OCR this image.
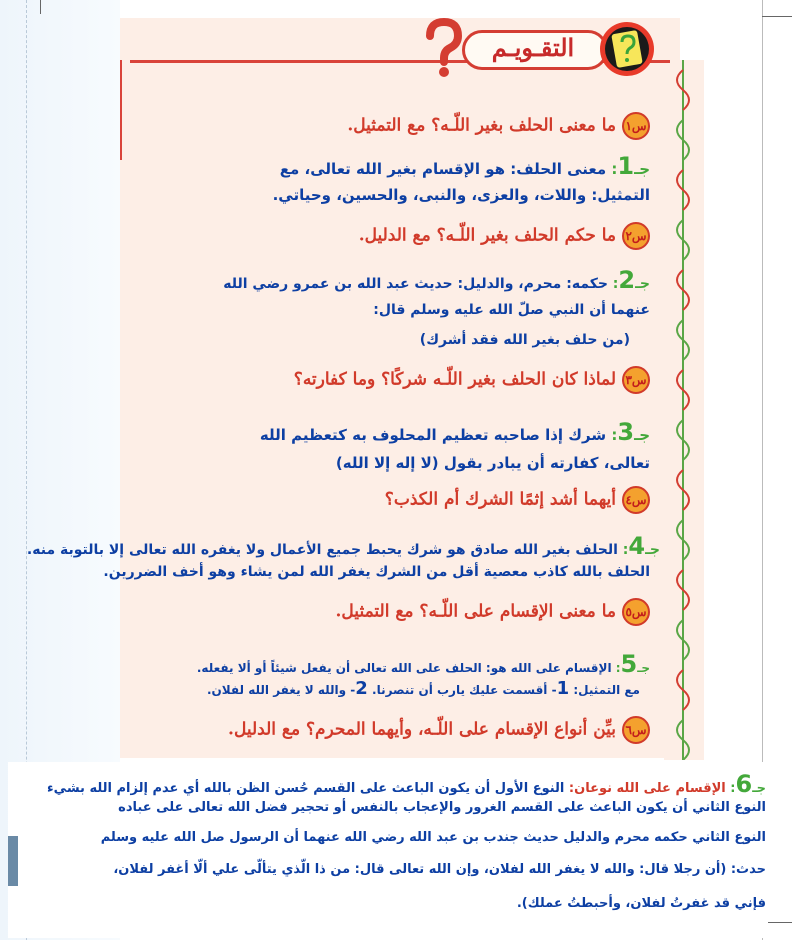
التقـويـم
س١ما معنى الحلف بغير اللّـه؟ مع التمثيل.
جـ1: معنى الحلف: هو الإقسام بغير الله تعالى، مع
التمثيل: واللات، والعزى، والنبى، والحسين، وحياتي.
س٢ما حكم الحلف بغير اللّـه؟ مع الدليل.
جـ2: حكمه: محرم، والدليل: حديث عبد الله بن عمرو رضي الله
عنهما أن النبي صلّ الله عليه وسلم قال:
(من حلف بغير الله فقد أشرك)
س٣لماذا كان الحلف بغير اللّـه شركًا؟ وما كفارته؟
جـ3: شرك إذا صاحبه تعظيم المحلوف به كتعظيم الله
تعالى، كفارته أن يبادر بقول (لا إله إلا الله)
س٤أيهما أشد إثمًا الشرك أم الكذب؟
جـ4: الحلف بغير الله صادق هو شرك يحبط جميع الأعمال ولا يغفره الله تعالى إلا بالتوبة منه.
الحلف بالله كاذب معصية أقل من الشرك يغفر الله لمن يشاء وهو أخف الضررين.
س٥ما معنى الإقسام على اللّـه؟ مع التمثيل.
جـ5: الإقسام على الله هو: الحلف على الله تعالى أن يفعل شيئاً أو ألا يفعله.
مع التمثيل: 1- أقسمت عليك يارب أن تنصرنا. 2- والله لا يغفر الله لفلان.
س٦بيِّن أنواع الإقسام على اللّـه، وأيهما المحرم؟ مع الدليل.
جـ6: الإقسام على الله نوعان: النوع الأول أن يكون الباعث على القسم حُسن الظن بالله أي عدم إلزام الله بشيء
النوع الثاني أن يكون الباعث على القسم الغرور والإعجاب بالنفس أو تحجير فضل الله تعالى على عباده
النوع الثاني حكمه محرم والدليل حديث جندب بن عبد الله رضي الله عنهما أن الرسول صل الله عليه وسلم
حدث: (أن رجلا قال: والله لا يغفر الله لفلان، وإن الله تعالى قال: من ذا الّذي يتألّى علي ألّا أغفر لفلان،
فإني قد غفرتُ لفلان، وأحبطتُ عملك).
